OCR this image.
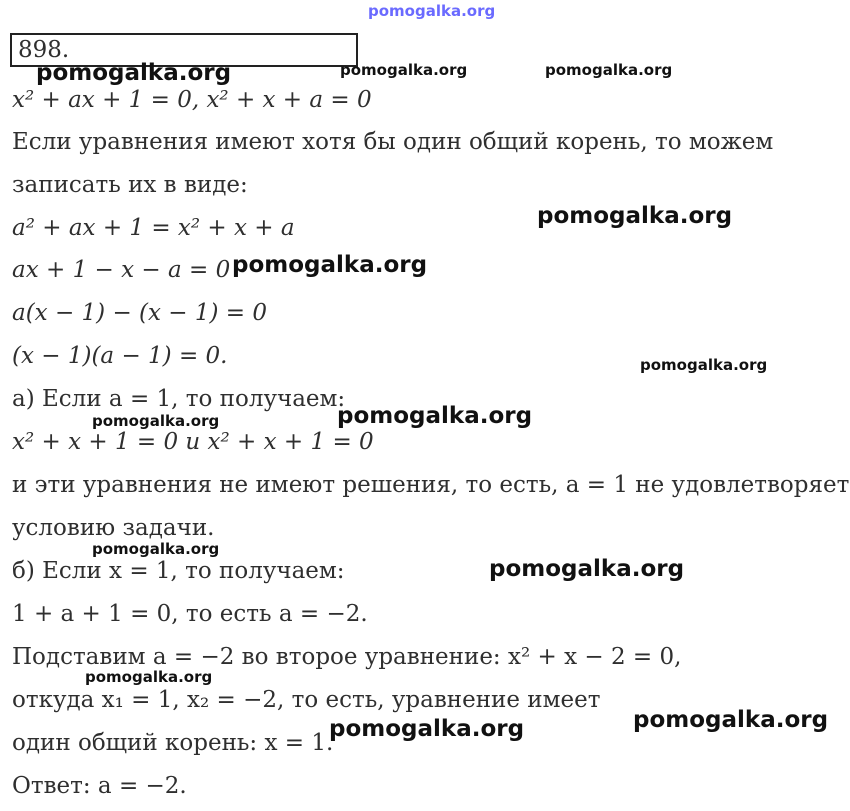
pomogalka.org
898.
x² + ax + 1 = 0, x² + x + a = 0
Если уравнения имеют хотя бы один общий корень, то можем
записать их в виде:
a² + ax + 1 = x² + x + a
ax + 1 − x − a = 0
a(x − 1) − (x − 1) = 0
(x − 1)(a − 1) = 0.
а) Если a = 1, то получаем:
x² + x + 1 = 0 и x² + x + 1 = 0
и эти уравнения не имеют решения, то есть, a = 1 не удовлетворяет
условию задачи.
б) Если x = 1, то получаем:
1 + a + 1 = 0, то есть a = −2.
Подставим a = −2 во второе уравнение: x² + x − 2 = 0,
откуда x₁ = 1, x₂ = −2, то есть, уравнение имеет
один общий корень: x = 1.
Ответ: a = −2.
pomogalka.org	pomogalka.org	pomogalka.org
pomogalka.org
pomogalka.org
pomogalka.org
pomogalka.org
pomogalka.org
pomogalka.org
pomogalka.org
pomogalka.org
pomogalka.org
pomogalka.org
